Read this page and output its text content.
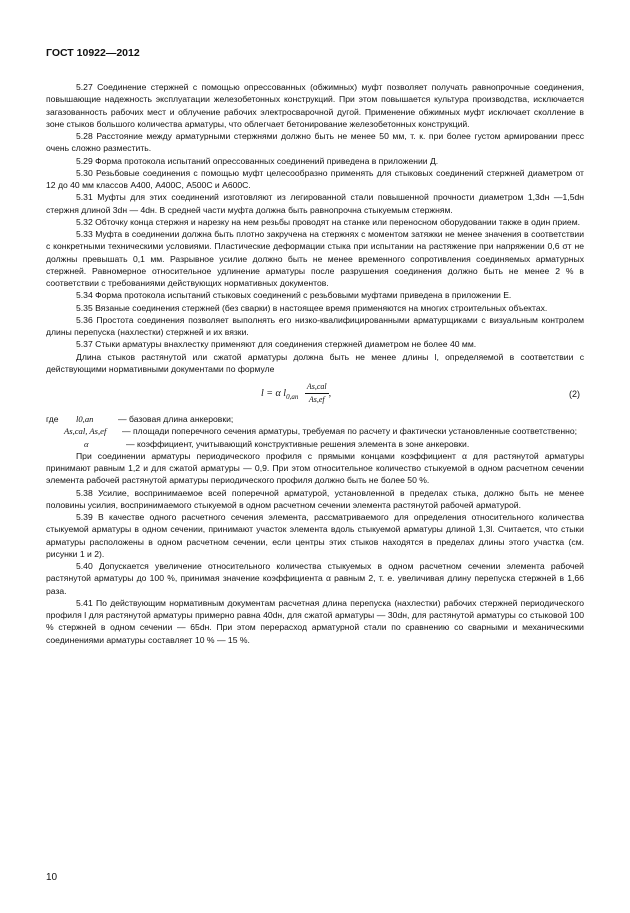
ГОСТ 10922—2012

5.27 Соединение стержней с помощью опрессованных (обжимных) муфт позволяет получать равнопрочные соединения, повышающие надежность эксплуатации железобетонных конструкций. При этом повышается культура производства, исключается загазованность рабочих мест и облучение рабочих электросварочной дугой. Применение обжимных муфт исключает сколление в зоне стыков большого количества арматуры, что облегчает бетонирование железобетонных конструкций.

5.28 Расстояние между арматурными стержнями должно быть не менее 50 мм, т. к. при более густом армировании пресс очень сложно разместить.

5.29 Форма протокола испытаний опрессованных соединений приведена в приложении Д.

5.30 Резьбовые соединения с помощью муфт целесообразно применять для стыковых соединений стержней диаметром от 12 до 40 мм классов А400, А400С, А500С и А600С.

5.31 Муфты для этих соединений изготовляют из легированной стали повышенной прочности диаметром 1,3dн —1,5dн стержня длиной 3dн — 4dн. В средней части муфта должна быть равнопрочна стыкуемым стержням.

5.32 Обточку конца стержня и нарезку на нем резьбы проводят на станке или переносном оборудовании также в один прием.

5.33 Муфта в соединении должна быть плотно закручена на стержнях с моментом затяжки не менее значения в соответствии с конкретными техническими условиями. Пластические деформации стыка при испытании на растяжение при напряжении 0,6 σт не должны превышать 0,1 мм. Разрывное усилие должно быть не менее временного сопротивления соединяемых арматурных стержней. Равномерное относительное удлинение арматуры после разрушения соединения должно быть не менее 2 % в соответствии с требованиями действующих нормативных документов.

5.34 Форма протокола испытаний стыковых соединений с резьбовыми муфтами приведена в приложении Е.

5.35 Вязаные соединения стержней (без сварки) в настоящее время применяются на многих строительных объектах.

5.36 Простота соединения позволяет выполнять его низко-квалифицированными арматурщиками с визуальным контролем длины перепуска (нахлестки) стержней и их вязки.

5.37 Стыки арматуры внахлестку применяют для соединения стержней диаметром не более 40 мм.

Длина стыков растянутой или сжатой арматуры должна быть не менее длины l, определяемой в соответствии с действующими нормативными документами по формуле

l = α $l_{0,an} \frac{\text{As,cal}}{As,ef}$ ,	(2)
где	l0,an	— базовая длина анкеровки;
As,cal, As,ef	— площади поперечного сечения арматуры, требуемая по расчету и фактически установленные соответственно;
α	— коэффициент, учитывающий конструктивные решения элемента в зоне анкеровки.

При соединении арматуры периодического профиля с прямыми концами коэффициент α для растянутой арматуры принимают равным 1,2 и для сжатой арматуры — 0,9. При этом относительное количество стыкуемой в одном расчетном сечении элемента рабочей растянутой арматуры периодического профиля должно быть не более 50 %.

5.38 Усилие, воспринимаемое всей поперечной арматурой, установленной в пределах стыка, должно быть не менее половины усилия, воспринимаемого стыкуемой в одном расчетном сечении элемента растянутой рабочей арматурой.

5.39 В качестве одного расчетного сечения элемента, рассматриваемого для определения относительного количества стыкуемой арматуры в одном сечении, принимают участок элемента вдоль стыкуемой арматуры длиной 1,3l. Считается, что стыки арматуры расположены в одном расчетном сечении, если центры этих стыков находятся в пределах длины этого участка (см. рисунки 1 и 2).

5.40 Допускается увеличение относительного количества стыкуемых в одном расчетном сечении элемента рабочей растянутой арматуры до 100 %, принимая значение коэффициента α равным 2, т. е. увеличивая длину перепуска стержней в 1,66 раза.

5.41 По действующим нормативным документам расчетная длина перепуска (нахлестки) рабочих стержней периодического профиля l для растянутой арматуры примерно равна 40dн, для сжатой арматуры — 30dн, для растянутой арматуры со стыковой 100 % стержней в одном сечении — 65dн. При этом перерасход арматурной стали по сравнению со сварными и механическими соединениями арматуры составляет 10 % — 15 %.

10
